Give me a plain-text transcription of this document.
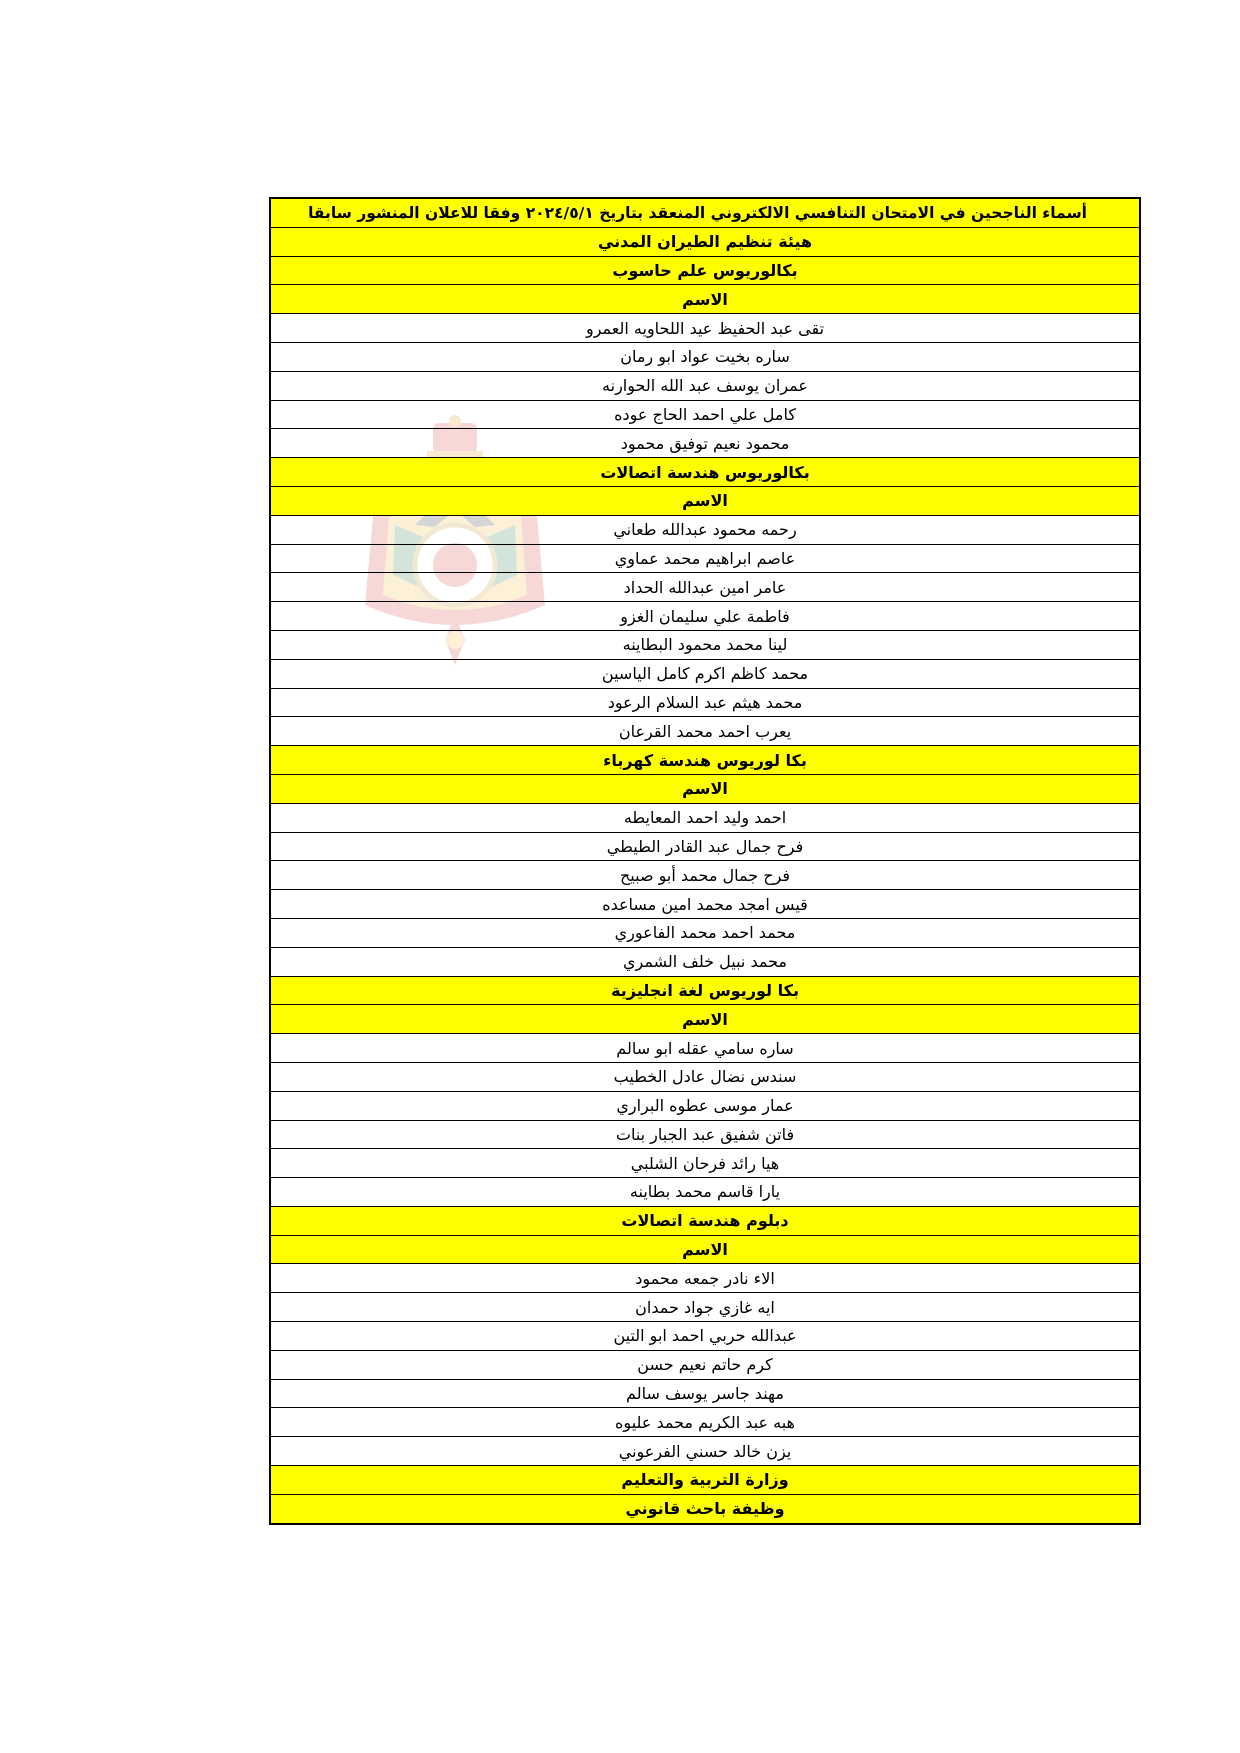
أسماء الناجحين في الامتحان التنافسي الالكتروني المنعقد بتاريخ ٢٠٢٤/٥/١ وفقا للاعلان المنشور سابقا
هيئة تنظيم الطيران المدني
بكالوريوس علم حاسوب
الاسم
تقى عبد الحفيظ عيد اللحاويه العمرو
ساره بخيت عواد ابو رمان
عمران يوسف عبد الله الحوارنه
كامل علي احمد الحاج عوده
محمود نعيم توفيق محمود
بكالوريوس هندسة اتصالات
الاسم
رحمه محمود عبدالله طعاني
عاصم ابراهيم محمد عماوي
عامر امين عبدالله الحداد
فاطمة علي سليمان الغزو
لينا محمد محمود البطاينه
محمد كاظم اكرم كامل الياسين
محمد هيثم عبد السلام الرعود
يعرب احمد محمد القرعان
بكا لوريوس هندسة كهرباء
الاسم
احمد وليد احمد المعايطه
فرح جمال عبد القادر الطيطي
فرح جمال محمد أبو صبيح
قيس امجد محمد امين مساعده
محمد احمد محمد الفاعوري
محمد نبيل خلف الشمري
بكا لوريوس لغة انجليزية
الاسم
ساره سامي عقله ابو سالم
سندس نضال عادل الخطيب
عمار موسى عطوه البراري
فاتن شفيق عبد الجبار بنات
هيا رائد فرحان الشلبي
يارا قاسم محمد بطاينه
دبلوم هندسة اتصالات
الاسم
الاء نادر جمعه محمود
ايه غازي جواد حمدان
عبدالله حربي احمد ابو التين
كرم حاتم نعيم حسن
مهند جاسر يوسف سالم
هبه عبد الكريم محمد عليوه
يزن خالد حسني الفرعوني
وزارة التربية والتعليم
وظيفة باحث قانوني
